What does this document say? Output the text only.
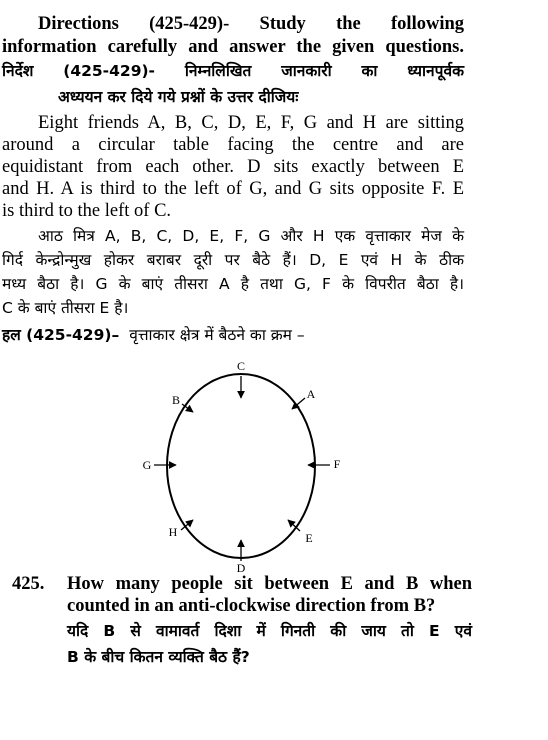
Directions (425-429)- Study the following
information carefully and answer the given questions.
निर्देश (425-429)- निम्नलिखित जानकारी का ध्यानपूर्वक
अध्ययन कर दिये गये प्रश्नों के उत्तर दीजियः
Eight friends A, B, C, D, E, F, G and H are sitting
around a circular table facing the centre and are
equidistant from each other. D sits exactly between E
and H. A is third to the left of G, and G sits opposite F. E
is third to the left of C.
आठ मित्र A, B, C, D, E, F, G और H एक वृत्ताकार मेज के
गिर्द केन्द्रोन्मुख होकर बराबर दूरी पर बैठे हैं। D, E एवं H के ठीक
मध्य बैठा है। G के बाएं तीसरा A है तथा G, F के विपरीत बैठा है।
C के बाएं तीसरा E है।
हल (425-429)– वृत्ताकार क्षेत्र में बैठने का क्रम –
C
A
F
E
D
H
G
B
425. How many people sit between E and B when
counted in an anti-clockwise direction from B?
यदि B से वामावर्त दिशा में गिनती की जाय तो E एवं
B के बीच कितन व्यक्ति बैठ हैं?
